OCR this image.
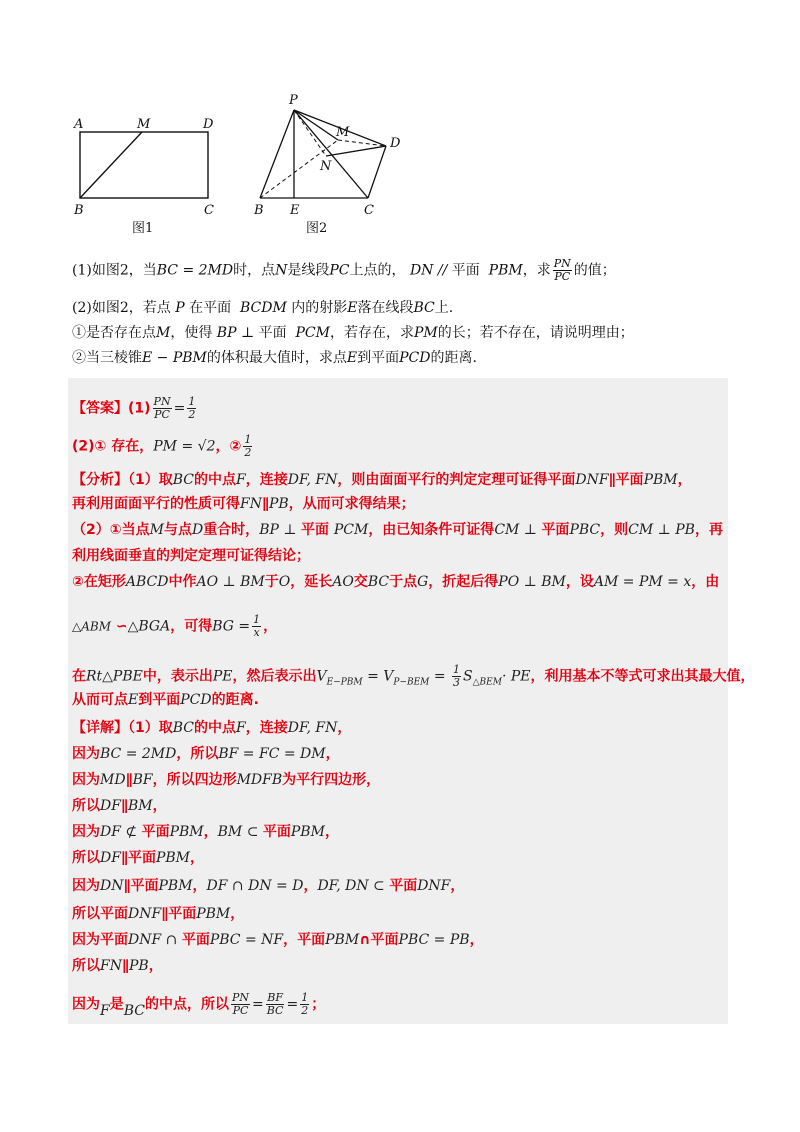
A	M	D
B	C
图1
P
M
D
N
B E	C
图2
(1)如图2，当BC = 2MD时，点N是线段PC上点的， DN // 平面 PBM，求 $\frac{PN}{PC}$ 的值；
(2)如图2，若点 P 在平面 BCDM 内的射影E落在线段BC上.
①是否存在点M，使得 BP ⊥ 平面 PCM，若存在，求PM的长；若不存在，请说明理由；
②当三棱锥E − PBM的体积最大值时，求点E到平面PCD的距离.
【答案】$(1) \frac{PN}{PC} = \frac{1}{2}$
(2)① 存在，PM = √2，② $\frac{1}{2}$
【分析】（1）取BC的中点F，连接DF, FN，则由面面平行的判定定理可证得平面DNF∥平面PBM，
再利用面面平行的性质可得FN∥PB，从而可求得结果；
（2）①当点M与点D重合时，BP ⊥ 平面 PCM，由已知条件可证得CM ⊥ 平面PBC，则CM ⊥ PB，再
利用线面垂直的判定定理可证得结论；
②在矩形ABCD中作AO ⊥ BM于O，延长AO交BC于点G，折起后得PO ⊥ BM，设AM = PM = x，由
△ABM ∽△BGA，可得BG = $\frac{1}{x}$ ，
在Rt△PBE中，表示出PE，然后表示出$V_{E-PBM} = V_{P-BEM} = \frac{1}{3} S_{\triangle BEM}\cdot$ PE，利用基本不等式可求出其最大值，
从而可点E到平面PCD的距离.
【详解】（1）取BC的中点F，连接DF, FN，
因为BC = 2MD，所以BF = FC = DM，
因为MD∥BF，所以四边形MDFB为平行四边形，
所以DF∥BM，
因为DF ⊄ 平面PBM，BM ⊂ 平面PBM，
所以DF∥平面PBM，
因为DN∥平面PBM，DF ∩ DN = D，DF, DN ⊂ 平面DNF，
所以平面DNF∥平面PBM，
因为平面DNF ∩ 平面PBC = NF，平面PBM∩平面PBC = PB，
所以FN∥PB，
因为F是BC的中点，所以 $\frac{PN}{PC} = \frac{BF}{BC} = \frac{1}{2}$ ；
